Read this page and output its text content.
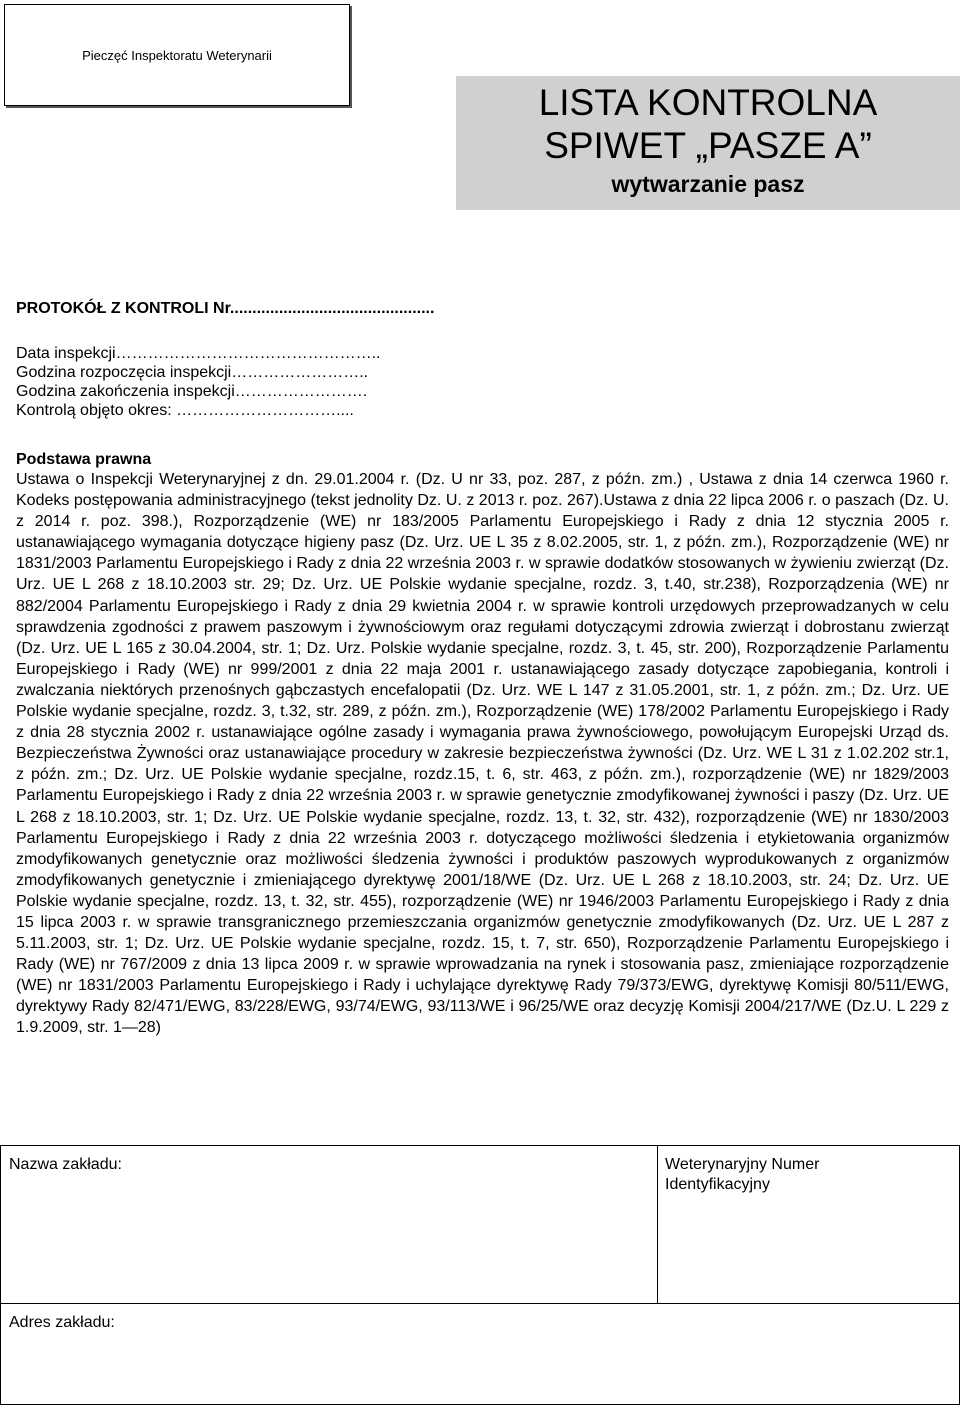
Pieczęć Inspektoratu Weterynarii
LISTA KONTROLNA
SPIWET „PASZE A”
wytwarzanie pasz
PROTOKÓŁ Z KONTROLI Nr..............................................
Data inspekcji…………………………………………..
Godzina rozpoczęcia inspekcji……………………..
Godzina zakończenia inspekcji…………………….
Kontrolą objęto okres: …………………………....
Podstawa prawna
Ustawa o Inspekcji Weterynaryjnej z dn. 29.01.2004 r. (Dz. U nr 33, poz. 287, z późn. zm.) , Ustawa z dnia 14 czerwca 1960 r. Kodeks postępowania administracyjnego (tekst jednolity Dz. U. z 2013 r. poz. 267).Ustawa z dnia 22 lipca 2006 r. o paszach (Dz. U. z 2014 r. poz. 398.), Rozporządzenie (WE) nr 183/2005 Parlamentu Europejskiego i Rady z dnia 12 stycznia 2005 r. ustanawiającego wymagania dotyczące higieny pasz (Dz. Urz. UE L 35 z 8.02.2005, str. 1, z późn. zm.), Rozporządzenie (WE) nr 1831/2003 Parlamentu Europejskiego i Rady z dnia 22 września 2003 r. w sprawie dodatków stosowanych w żywieniu zwierząt (Dz. Urz. UE L 268 z 18.10.2003 str. 29; Dz. Urz. UE Polskie wydanie specjalne, rozdz. 3, t.40, str.238), Rozporządzenia (WE) nr 882/2004 Parlamentu Europejskiego i Rady z dnia 29 kwietnia 2004 r. w sprawie kontroli urzędowych przeprowadzanych w celu sprawdzenia zgodności z prawem paszowym i żywnościowym oraz regułami dotyczącymi zdrowia zwierząt i dobrostanu zwierząt (Dz. Urz. UE L 165 z 30.04.2004, str. 1; Dz. Urz. Polskie wydanie specjalne, rozdz. 3, t. 45, str. 200), Rozporządzenie Parlamentu Europejskiego i Rady (WE) nr 999/2001 z dnia 22 maja 2001 r. ustanawiającego zasady dotyczące zapobiegania, kontroli i zwalczania niektórych przenośnych gąbczastych encefalopatii (Dz. Urz. WE L 147 z 31.05.2001, str. 1, z późn. zm.; Dz. Urz. UE Polskie wydanie specjalne, rozdz. 3, t.32, str. 289, z późn. zm.), Rozporządzenie (WE) 178/2002 Parlamentu Europejskiego i Rady z dnia 28 stycznia 2002 r. ustanawiające ogólne zasady i wymagania prawa żywnościowego, powołującym Europejski Urząd ds. Bezpieczeństwa Żywności oraz ustanawiające procedury w zakresie bezpieczeństwa żywności (Dz. Urz. WE L 31 z 1.02.202 str.1, z późn. zm.; Dz. Urz. UE Polskie wydanie specjalne, rozdz.15, t. 6, str. 463, z późn. zm.), rozporządzenie (WE) nr 1829/2003 Parlamentu Europejskiego i Rady z dnia 22 września 2003 r. w sprawie genetycznie zmodyfikowanej żywności i paszy (Dz. Urz. UE L 268 z 18.10.2003, str. 1; Dz. Urz. UE Polskie wydanie specjalne, rozdz. 13, t. 32, str. 432), rozporządzenie (WE) nr 1830/2003 Parlamentu Europejskiego i Rady z dnia 22 września 2003 r. dotyczącego możliwości śledzenia i etykietowania organizmów zmodyfikowanych genetycznie oraz możliwości śledzenia żywności i produktów paszowych wyprodukowanych z organizmów zmodyfikowanych genetycznie i zmieniającego dyrektywę 2001/18/WE (Dz. Urz. UE L 268 z 18.10.2003, str. 24; Dz. Urz. UE Polskie wydanie specjalne, rozdz. 13, t. 32, str. 455), rozporządzenie (WE) nr 1946/2003 Parlamentu Europejskiego i Rady z dnia 15 lipca 2003 r. w sprawie transgranicznego przemieszczania organizmów genetycznie zmodyfikowanych (Dz. Urz. UE L 287 z 5.11.2003, str. 1; Dz. Urz. UE Polskie wydanie specjalne, rozdz. 15, t. 7, str. 650), Rozporządzenie Parlamentu Europejskiego i Rady (WE) nr 767/2009 z dnia 13 lipca 2009 r. w sprawie wprowadzania na rynek i stosowania pasz, zmieniające rozporządzenie (WE) nr 1831/2003 Parlamentu Europejskiego i Rady i uchylające dyrektywę Rady 79/373/EWG, dyrektywę Komisji 80/511/EWG, dyrektywy Rady 82/471/EWG, 83/228/EWG, 93/74/EWG, 93/113/WE i 96/25/WE oraz decyzję Komisji 2004/217/WE (Dz.U. L 229 z 1.9.2009, str. 1—28)
Nazwa zakładu:	Weterynaryjny Numer
Identyfikacyjny
Adres zakładu:
